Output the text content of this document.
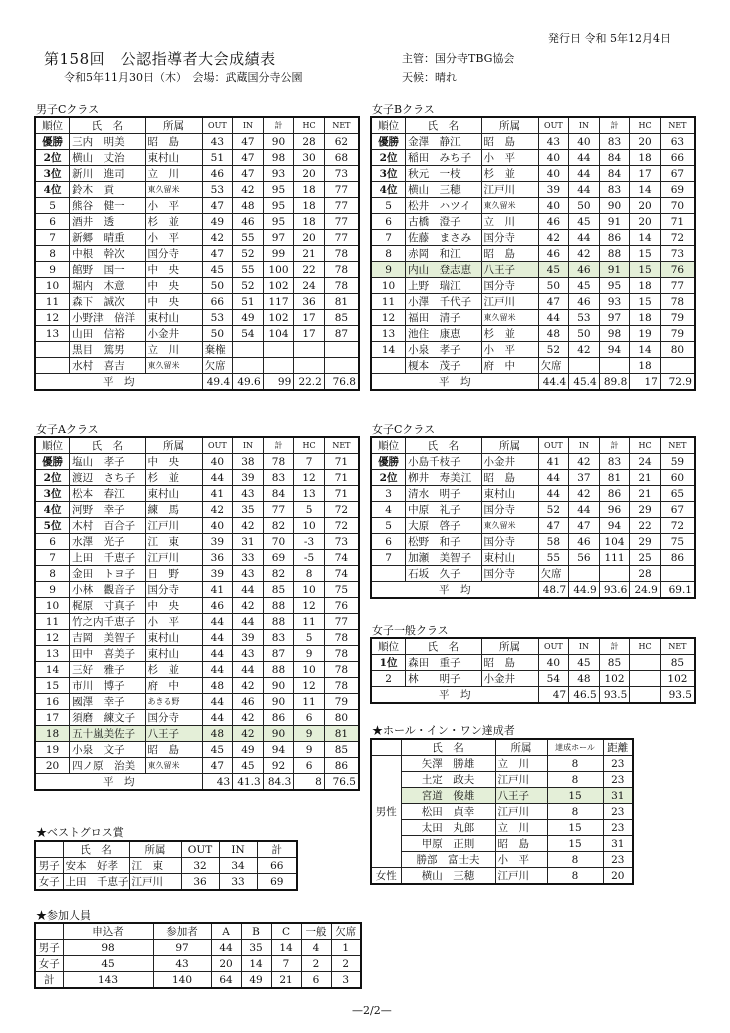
発行日 令和 5年12月4日
第158回　公認指導者大会成績表
令和5年11月30日（木）　会場：武蔵国分寺公園
主管：国分寺TBG協会
天候：晴れ
男子Cクラス	女子Bクラス
女子Aクラス	女子Cクラス
女子一般クラス
★ホール・イン・ワン達成者
★ベストグロス賞
★参加人員
順位	氏　名	所属	OUT	IN	計	HC	NET
優勝	三内　明美	昭　島	43	47	90	28	62
2位	横山　丈治	東村山	51	47	98	30	68
3位	新川　進司	立　川	46	47	93	20	73
4位	鈴木　貢	東久留米	53	42	95	18	77
5	熊谷　健一	小　平	47	48	95	18	77
6	酒井　透	杉　並	49	46	95	18	77
7	新郷　晴重	小　平	42	55	97	20	77
8	中根　幹次	国分寺	47	52	99	21	78
9	館野　国一	中　央	45	55	100	22	78
10	堀内　木意	中　央	50	52	102	24	78
11	森下　誠次	中　央	66	51	117	36	81
12	小野津　倍洋	東村山	53	49	102	17	85
13	山田　信裕	小金井	50	54	104	17	87
	黒目　篤男	立　川	棄権				
	水村　喜吉	東久留米	欠席				
平　均			49.4	49.6	99	22.2	76.8
順位	氏　名	所属	OUT	IN	計	HC	NET
優勝	金澤　静江	昭　島	43	40	83	20	63
2位	稲田　みち子	小　平	40	44	84	18	66
3位	秋元　一枝	杉　並	40	44	84	17	67
4位	横山　三穂	江戸川	39	44	83	14	69
5	松井　ハツイ	東久留米	40	50	90	20	70
6	古橋　澄子	立　川	46	45	91	20	71
7	佐藤　まさみ	国分寺	42	44	86	14	72
8	赤岡　和江	昭　島	46	42	88	15	73
9	内山　登志恵	八王子	45	46	91	15	76
10	上野　瑞江	国分寺	50	45	95	18	77
11	小澤　千代子	江戸川	47	46	93	15	78
12	福田　清子	東久留米	44	53	97	18	79
13	池住　康恵	杉　並	48	50	98	19	79
14	小泉　孝子	小　平	52	42	94	14	80
	榎本　茂子	府　中	欠席			18	
平　均			44.4	45.4	89.8	17	72.9
順位	氏　名	所属	OUT	IN	計	HC	NET
優勝	塩山　孝子	中　央	40	38	78	7	71
2位	渡辺　さち子	杉　並	44	39	83	12	71
3位	松本　春江	東村山	41	43	84	13	71
4位	河野　幸子	練　馬	42	35	77	5	72
5位	木村　百合子	江戸川	40	42	82	10	72
6	水澤　光子	江　東	39	31	70	-3	73
7	上田　千恵子	江戸川	36	33	69	-5	74
8	金田　トヨ子	日　野	39	43	82	8	74
9	小林　觀音子	国分寺	41	44	85	10	75
10	梶原　寸真子	中　央	46	42	88	12	76
11	竹之内千恵子	小　平	44	44	88	11	77
12	吉岡　美智子	東村山	44	39	83	5	78
13	田中　喜美子	東村山	44	43	87	9	78
14	三好　雅子	杉　並	44	44	88	10	78
15	市川　博子	府　中	48	42	90	12	78
16	國澤　幸子	あきる野	44	46	90	11	79
17	須磨　練文子	国分寺	44	42	86	6	80
18	五十嵐美佐子	八王子	48	42	90	9	81
19	小泉　文子	昭　島	45	49	94	9	85
20	四ノ原　治美	東久留米	47	45	92	6	86
平　均			43	41.3	84.3	8	76.5
順位	氏　名	所属	OUT	IN	計	HC	NET
優勝	小島千枝子	小金井	41	42	83	24	59
2位	栁井　寿美江	昭　島	44	37	81	21	60
3	清水　明子	東村山	44	42	86	21	65
4	中原　礼子	国分寺	52	44	96	29	67
5	大原　啓子	東久留米	47	47	94	22	72
6	松野　和子	国分寺	58	46	104	29	75
7	加瀬　美智子	東村山	55	56	111	25	86
	石坂　久子	国分寺	欠席			28	
平　均			48.7	44.9	93.6	24.9	69.1
順位	氏　名	所属	OUT	IN	計	HC	NET
1位	森田　重子	昭　島	40	45	85		85
2	林　　明子	小金井	54	48	102		102
平　均			47	46.5	93.5		93.5
	氏　名	所属	達成ホール	距離
男性	矢澤　勝雄	立　川	8	23
	土定　政夫	江戸川	8	23
	宮道　俊雄	八王子	15	31
	松田　貞幸	江戸川	8	23
	太田　丸郎	立　川	15	23
	甲原　正則	昭　島	15	31
	勝部　富士夫	小　平	8	23
女性	横山　三穂	江戸川	8	20
	氏　名	所属	OUT	IN	計
男子	安本　好孝	江　東	32	34	66
女子	上田　千恵子	江戸川	36	33	69
	申込者	参加者	A	B	C	一般	欠席
男子	98	97	44	35	14	4	1
女子	45	43	20	14	7	2	2
計	143	140	64	49	21	6	3
—2/2—
